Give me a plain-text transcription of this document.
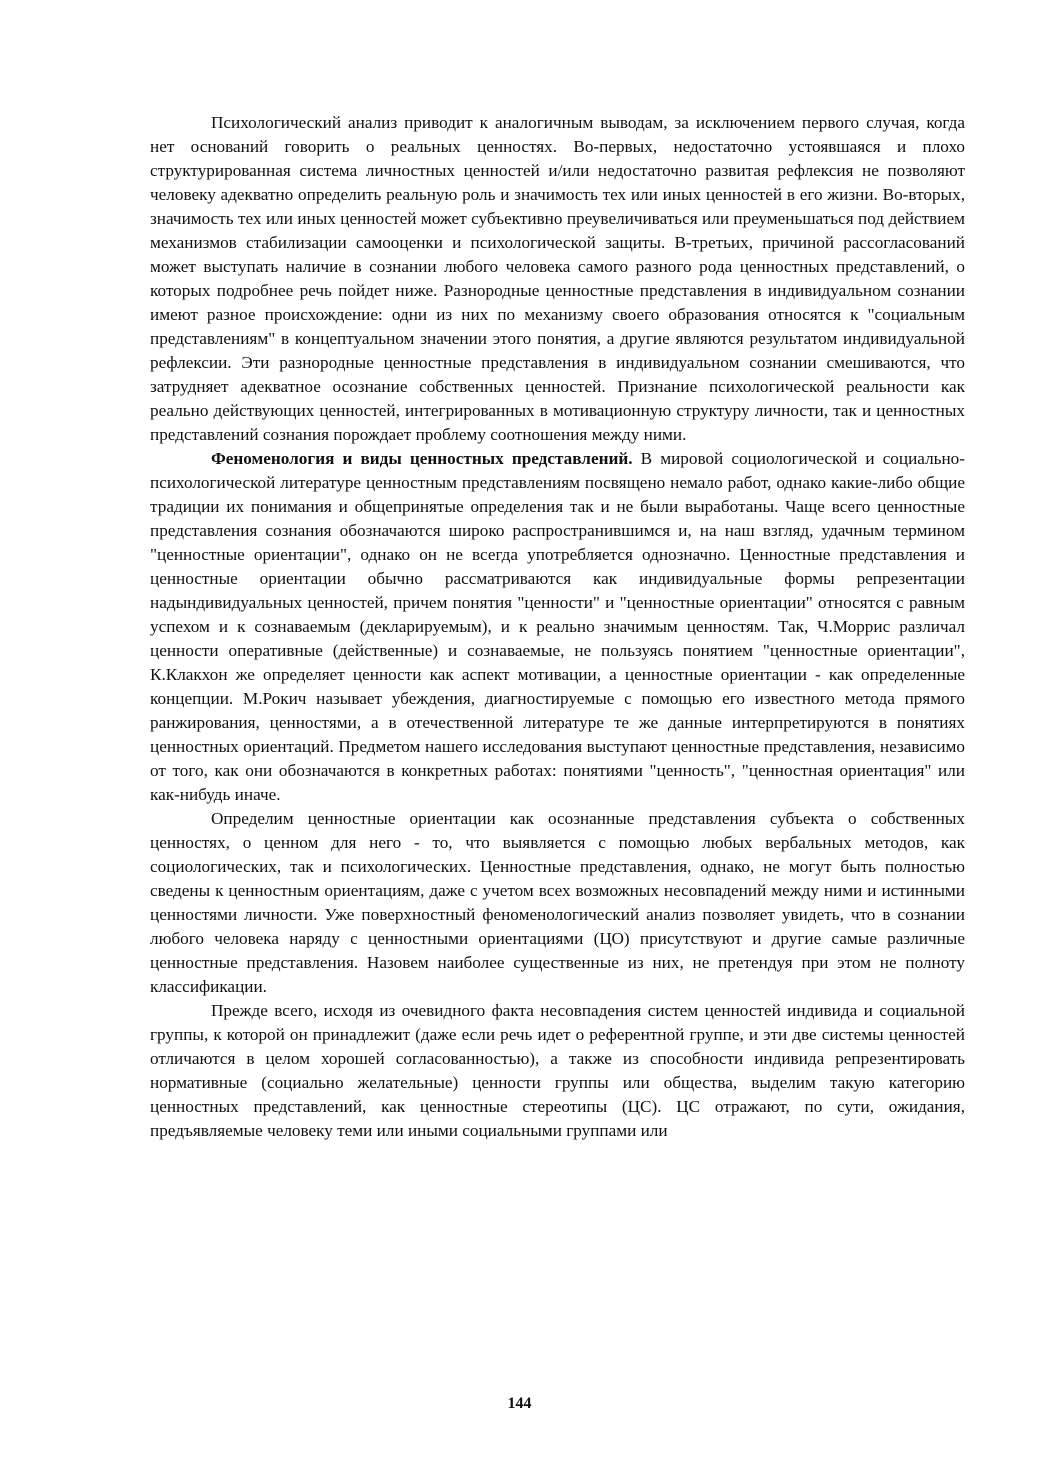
Психологический анализ приводит к аналогичным выводам, за исключением первого случая, когда нет оснований говорить о реальных ценностях. Во-первых, недостаточно устоявшаяся и плохо структурированная система личностных ценностей и/или недостаточно развитая рефлексия не позволяют человеку адекватно определить реальную роль и значимость тех или иных ценностей в его жизни. Во-вторых, значимость тех или иных ценностей может субъективно преувеличиваться или преуменьшаться под действием механизмов стабилизации самооценки и психологической защиты. В-третьих, причиной рассогласований может выступать наличие в сознании любого человека самого разного рода ценностных представлений, о которых подробнее речь пойдет ниже. Разнородные ценностные представления в индивидуальном сознании имеют разное происхождение: одни из них по механизму своего образования относятся к "социальным представлениям" в концептуальном значении этого понятия, а другие являются результатом индивидуальной рефлексии. Эти разнородные ценностные представления в индивидуальном сознании смешиваются, что затрудняет адекватное осознание собственных ценностей. Признание психологической реальности как реально действующих ценностей, интегрированных в мотивационную структуру личности, так и ценностных представлений сознания порождает проблему соотношения между ними.

Феноменология и виды ценностных представлений. В мировой социологической и социально-психологической литературе ценностным представлениям посвящено немало работ, однако какие-либо общие традиции их понимания и общепринятые определения так и не были выработаны. Чаще всего ценностные представления сознания обозначаются широко распространившимся и, на наш взгляд, удачным термином "ценностные ориентации", однако он не всегда употребляется однозначно. Ценностные представления и ценностные ориентации обычно рассматриваются как индивидуальные формы репрезентации надындивидуальных ценностей, причем понятия "ценности" и "ценностные ориентации" относятся с равным успехом и к сознаваемым (декларируемым), и к реально значимым ценностям. Так, Ч.Моррис различал ценности оперативные (действенные) и сознаваемые, не пользуясь понятием "ценностные ориентации", К.Клакхон же определяет ценности как аспект мотивации, а ценностные ориентации - как определенные концепции. М.Рокич называет убеждения, диагностируемые с помощью его известного метода прямого ранжирования, ценностями, а в отечественной литературе те же данные интерпретируются в понятиях ценностных ориентаций. Предметом нашего исследования выступают ценностные представления, независимо от того, как они обозначаются в конкретных работах: понятиями "ценность", "ценностная ориентация" или как-нибудь иначе.

Определим ценностные ориентации как осознанные представления субъекта о собственных ценностях, о ценном для него - то, что выявляется с помощью любых вербальных методов, как социологических, так и психологических. Ценностные представления, однако, не могут быть полностью сведены к ценностным ориентациям, даже с учетом всех возможных несовпадений между ними и истинными ценностями личности. Уже поверхностный феноменологический анализ позволяет увидеть, что в сознании любого человека наряду с ценностными ориентациями (ЦО) присутствуют и другие самые различные ценностные представления. Назовем наиболее существенные из них, не претендуя при этом не полноту классификации.

Прежде всего, исходя из очевидного факта несовпадения систем ценностей индивида и социальной группы, к которой он принадлежит (даже если речь идет о референтной группе, и эти две системы ценностей отличаются в целом хорошей согласованностью), а также из способности индивида репрезентировать нормативные (социально желательные) ценности группы или общества, выделим такую категорию ценностных представлений, как ценностные стереотипы (ЦС). ЦС отражают, по сути, ожидания, предъявляемые человеку теми или иными социальными группами или

144
